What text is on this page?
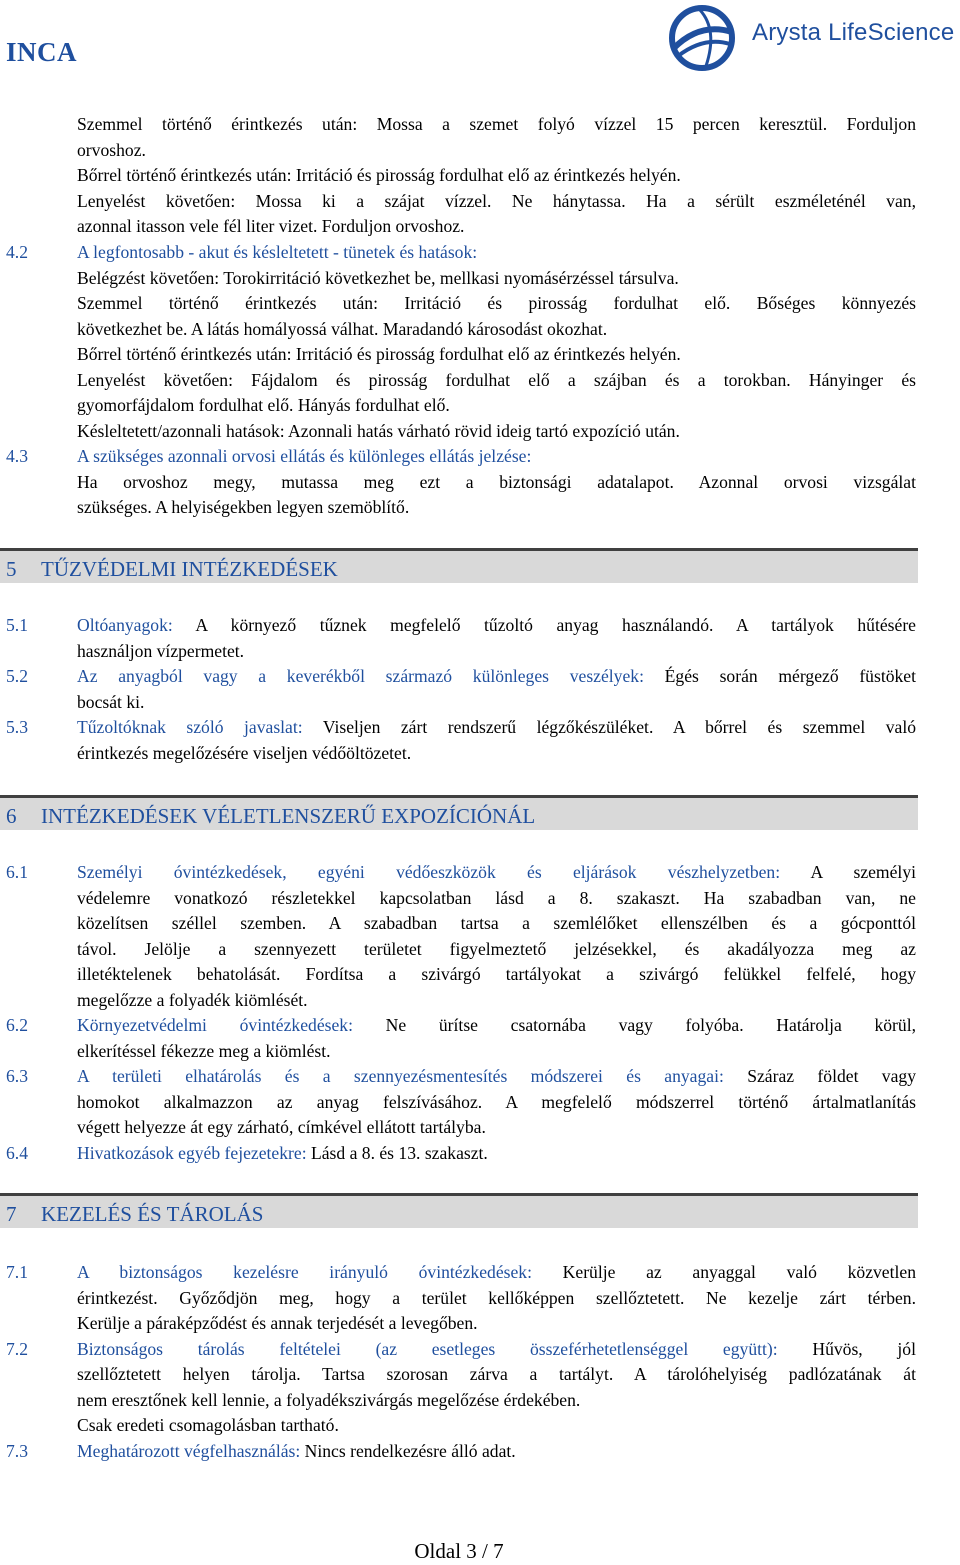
INCA
Arysta LifeScience
Szemmel történő érintkezés után: Mossa a szemet folyó vízzel 15 percen keresztül. Forduljon
orvoshoz.
Bőrrel történő érintkezés után: Irritáció és pirosság fordulhat elő az érintkezés helyén.
Lenyelést követően: Mossa ki a szájat vízzel. Ne hánytassa. Ha a sérült eszméleténél van,
azonnal itasson vele fél liter vizet. Forduljon orvoshoz.
4.2	A legfontosabb - akut és késleltetett - tünetek és hatások:
Belégzést követően: Torokirritáció következhet be, mellkasi nyomásérzéssel társulva.
Szemmel történő érintkezés után: Irritáció és pirosság fordulhat elő. Bőséges könnyezés
következhet be. A látás homályossá válhat. Maradandó károsodást okozhat.
Bőrrel történő érintkezés után: Irritáció és pirosság fordulhat elő az érintkezés helyén.
Lenyelést követően: Fájdalom és pirosság fordulhat elő a szájban és a torokban. Hányinger és
gyomorfájdalom fordulhat elő. Hányás fordulhat elő.
Késleltetett/azonnali hatások: Azonnali hatás várható rövid ideig tartó expozíció után.
4.3	A szükséges azonnali orvosi ellátás és különleges ellátás jelzése:
Ha orvoshoz megy, mutassa meg ezt a biztonsági adatalapot. Azonnal orvosi vizsgálat
szükséges. A helyiségekben legyen szemöblítő.
5 TŰZVÉDELMI INTÉZKEDÉSEK
5.1	Oltóanyagok: A környező tűznek megfelelő tűzoltó anyag használandó. A tartályok hűtésére
használjon vízpermetet.
5.2	Az anyagból vagy a keverékből származó különleges veszélyek: Égés során mérgező füstöket
bocsát ki.
5.3	Tűzoltóknak szóló javaslat: Viseljen zárt rendszerű légzőkészüléket. A bőrrel és szemmel való
érintkezés megelőzésére viseljen védőöltözetet.
6 INTÉZKEDÉSEK VÉLETLENSZERŰ EXPOZÍCIÓNÁL
6.1	Személyi óvintézkedések, egyéni védőeszközök és eljárások vészhelyzetben: A személyi
védelemre vonatkozó részletekkel kapcsolatban lásd a 8. szakaszt. Ha szabadban van, ne
közelítsen széllel szemben. A szabadban tartsa a szemlélőket ellenszélben és a gócponttól
távol. Jelölje a szennyezett területet figyelmeztető jelzésekkel, és akadályozza meg az
illetéktelenek behatolását. Fordítsa a szivárgó tartályokat a szivárgó felükkel felfelé, hogy
megelőzze a folyadék kiömlését.
6.2	Környezetvédelmi óvintézkedések: Ne ürítse csatornába vagy folyóba. Határolja körül,
elkerítéssel fékezze meg a kiömlést.
6.3	A területi elhatárolás és a szennyezésmentesítés módszerei és anyagai: Száraz földet vagy
homokot alkalmazzon az anyag felszívásához. A megfelelő módszerrel történő ártalmatlanítás
végett helyezze át egy zárható, címkével ellátott tartályba.
6.4	Hivatkozások egyéb fejezetekre: Lásd a 8. és 13. szakaszt.
7 KEZELÉS ÉS TÁROLÁS
7.1	A biztonságos kezelésre irányuló óvintézkedések: Kerülje az anyaggal való közvetlen
érintkezést. Győződjön meg, hogy a terület kellőképpen szellőztetett. Ne kezelje zárt térben.
Kerülje a páraképződést és annak terjedését a levegőben.
7.2	Biztonságos tárolás feltételei (az esetleges összeférhetetlenséggel együtt): Hűvös, jól
szellőztetett helyen tárolja. Tartsa szorosan zárva a tartályt. A tárolóhelyiség padlózatának át
nem eresztőnek kell lennie, a folyadékszivárgás megelőzése érdekében.
Csak eredeti csomagolásban tartható.
7.3	Meghatározott végfelhasználás: Nincs rendelkezésre álló adat.
Oldal 3 / 7
